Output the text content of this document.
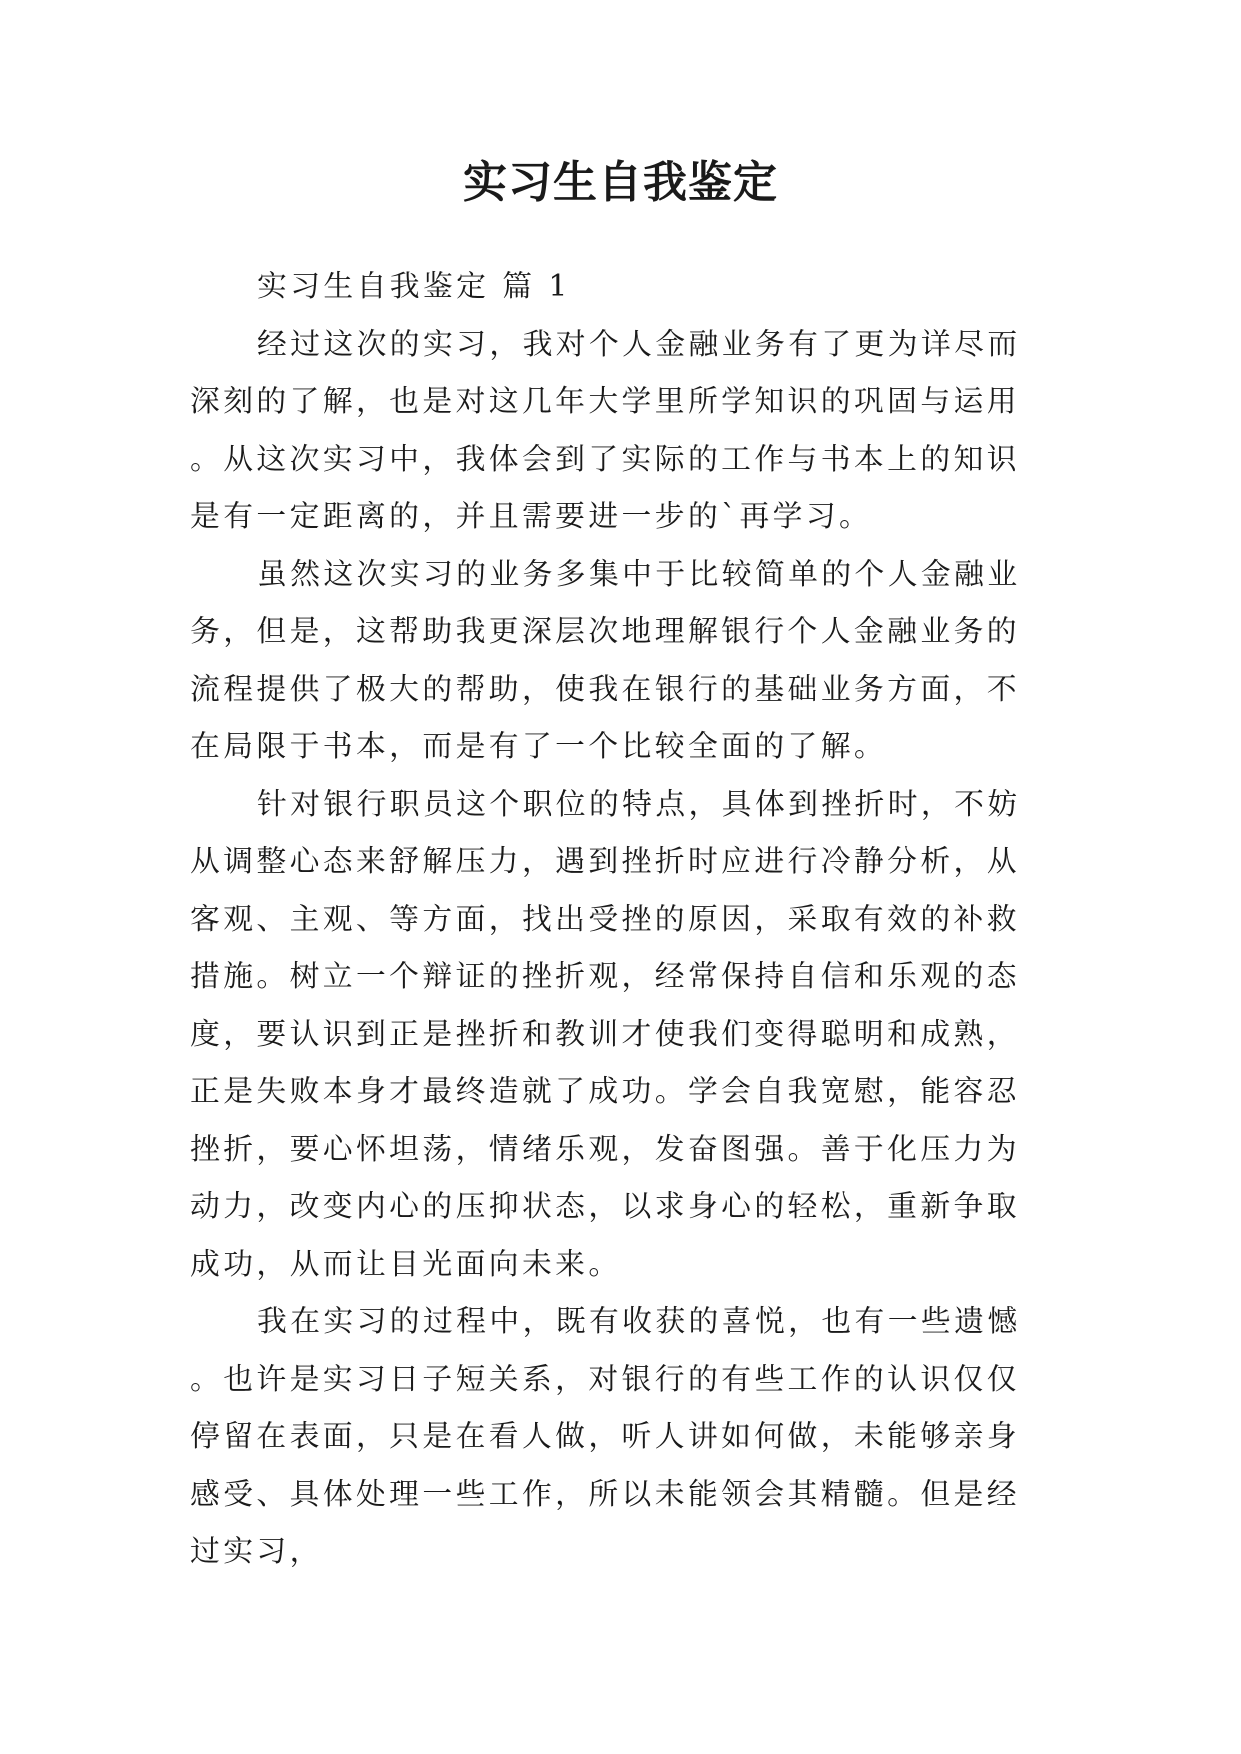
实习生自我鉴定

实习生自我鉴定 篇 1

经过这次的实习，我对个人金融业务有了更为详尽而深刻的了解，也是对这几年大学里所学知识的巩固与运用。从这次实习中，我体会到了实际的工作与书本上的知识是有一定距离的，并且需要进一步的`再学习。

虽然这次实习的业务多集中于比较简单的个人金融业务，但是，这帮助我更深层次地理解银行个人金融业务的流程提供了极大的帮助，使我在银行的基础业务方面，不在局限于书本，而是有了一个比较全面的了解。

针对银行职员这个职位的特点，具体到挫折时，不妨从调整心态来舒解压力，遇到挫折时应进行冷静分析，从客观、主观、等方面，找出受挫的原因，采取有效的补救措施。树立一个辩证的挫折观，经常保持自信和乐观的态度，要认识到正是挫折和教训才使我们变得聪明和成熟，正是失败本身才最终造就了成功。学会自我宽慰，能容忍挫折，要心怀坦荡，情绪乐观，发奋图强。善于化压力为动力，改变内心的压抑状态，以求身心的轻松，重新争取成功，从而让目光面向未来。

我在实习的过程中，既有收获的喜悦，也有一些遗憾。也许是实习日子短关系，对银行的有些工作的认识仅仅停留在表面，只是在看人做，听人讲如何做，未能够亲身感受、具体处理一些工作，所以未能领会其精髓。但是经过实习，
